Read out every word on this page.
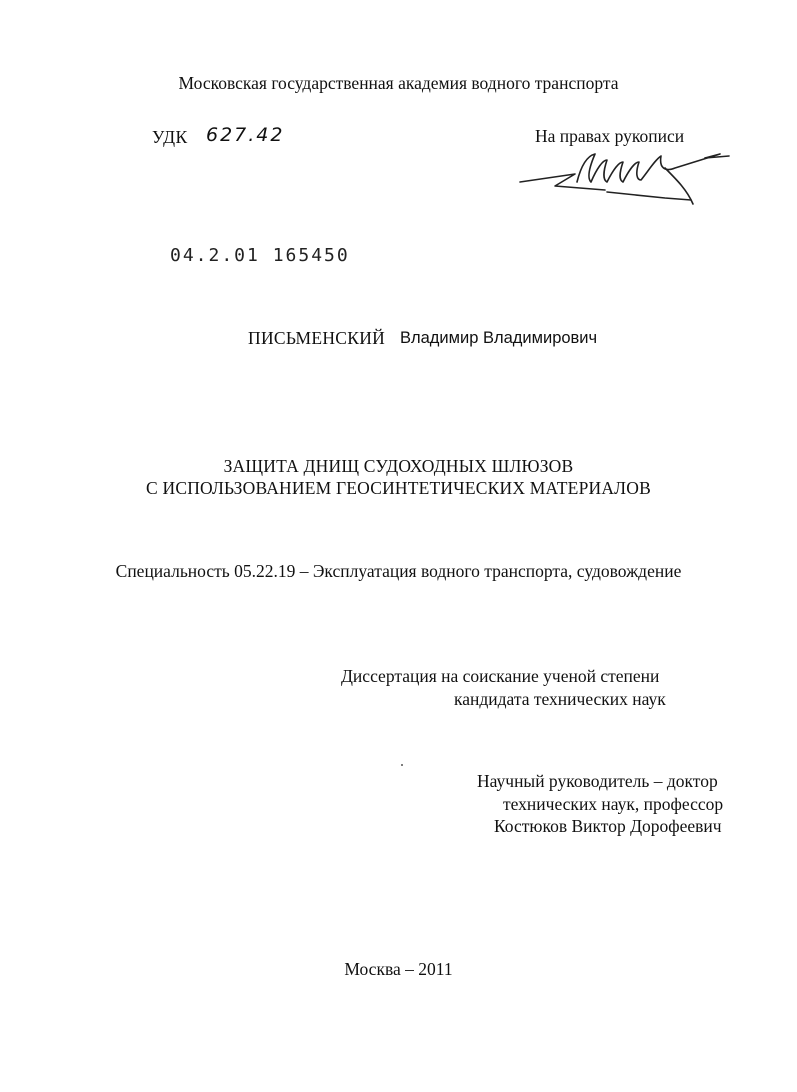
Московская государственная академия водного транспорта
УДК 627.42	На правах рукописи
04.2.01 165450
ПИСЬМЕНСКИЙ Владимир Владимирович
ЗАЩИТА ДНИЩ СУДОХОДНЫХ ШЛЮЗОВ
С ИСПОЛЬЗОВАНИЕМ ГЕОСИНТЕТИЧЕСКИХ МАТЕРИАЛОВ
Специальность 05.22.19 – Эксплуатация водного транспорта, судовождение
Диссертация на соискание ученой степени
кандидата технических наук
Научный руководитель – доктор
технических наук, профессор
Костюков Виктор Дорофеевич
Москва – 2011
